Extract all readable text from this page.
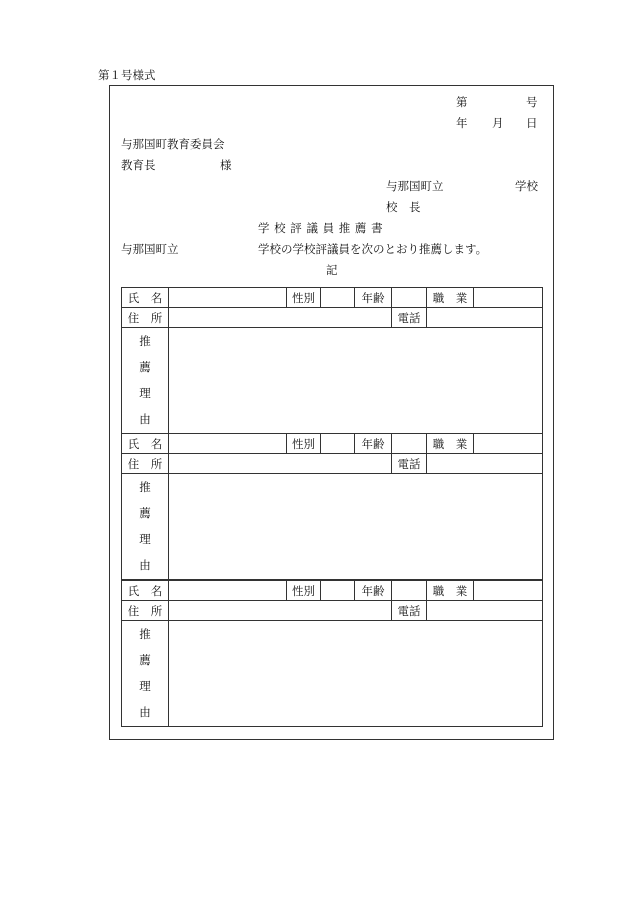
第１号様式
第	号
年 月 日
与那国町教育委員会
教育長	様
与那国町立	学校
校　長
学 校 評 議 員 推 薦 書
与那国町立	学校の学校評議員を次のとおり推薦します。
記
氏　名		性別		年齢		職　業	
住　所					電話		

推
薦
理
由							

氏　名		性別		年齢		職　業	
住　所					電話		

推
薦
理
由							

氏　名		性別		年齢		職　業	
住　所					電話		

推
薦
理
由							
